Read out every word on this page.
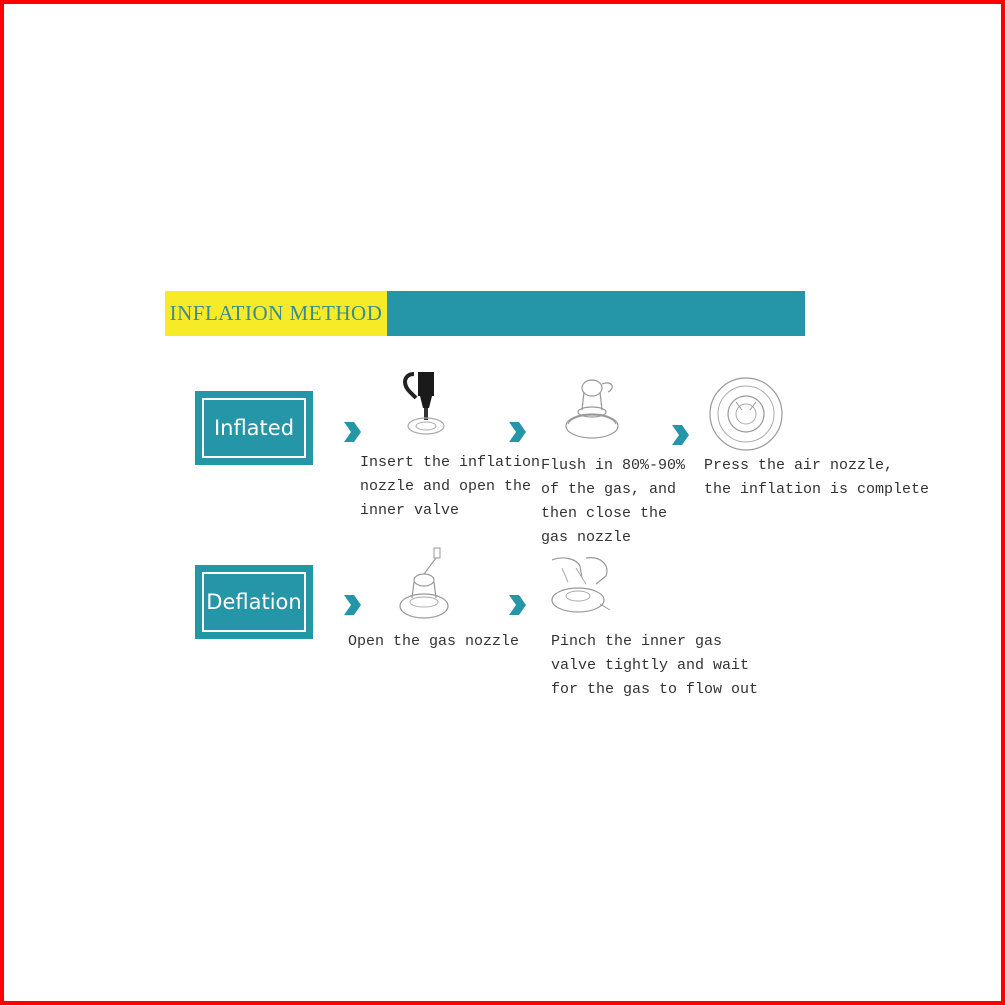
INFLATION METHOD
Inflated

Insert the inflation
nozzle and open the
inner valve

Flush in 80%-90%
of the gas, and
then close the
gas nozzle

Press the air nozzle,
the inflation is complete

Deflation

Open the gas nozzle Pinch the inner gas
valve tightly and wait
for the gas to flow out
